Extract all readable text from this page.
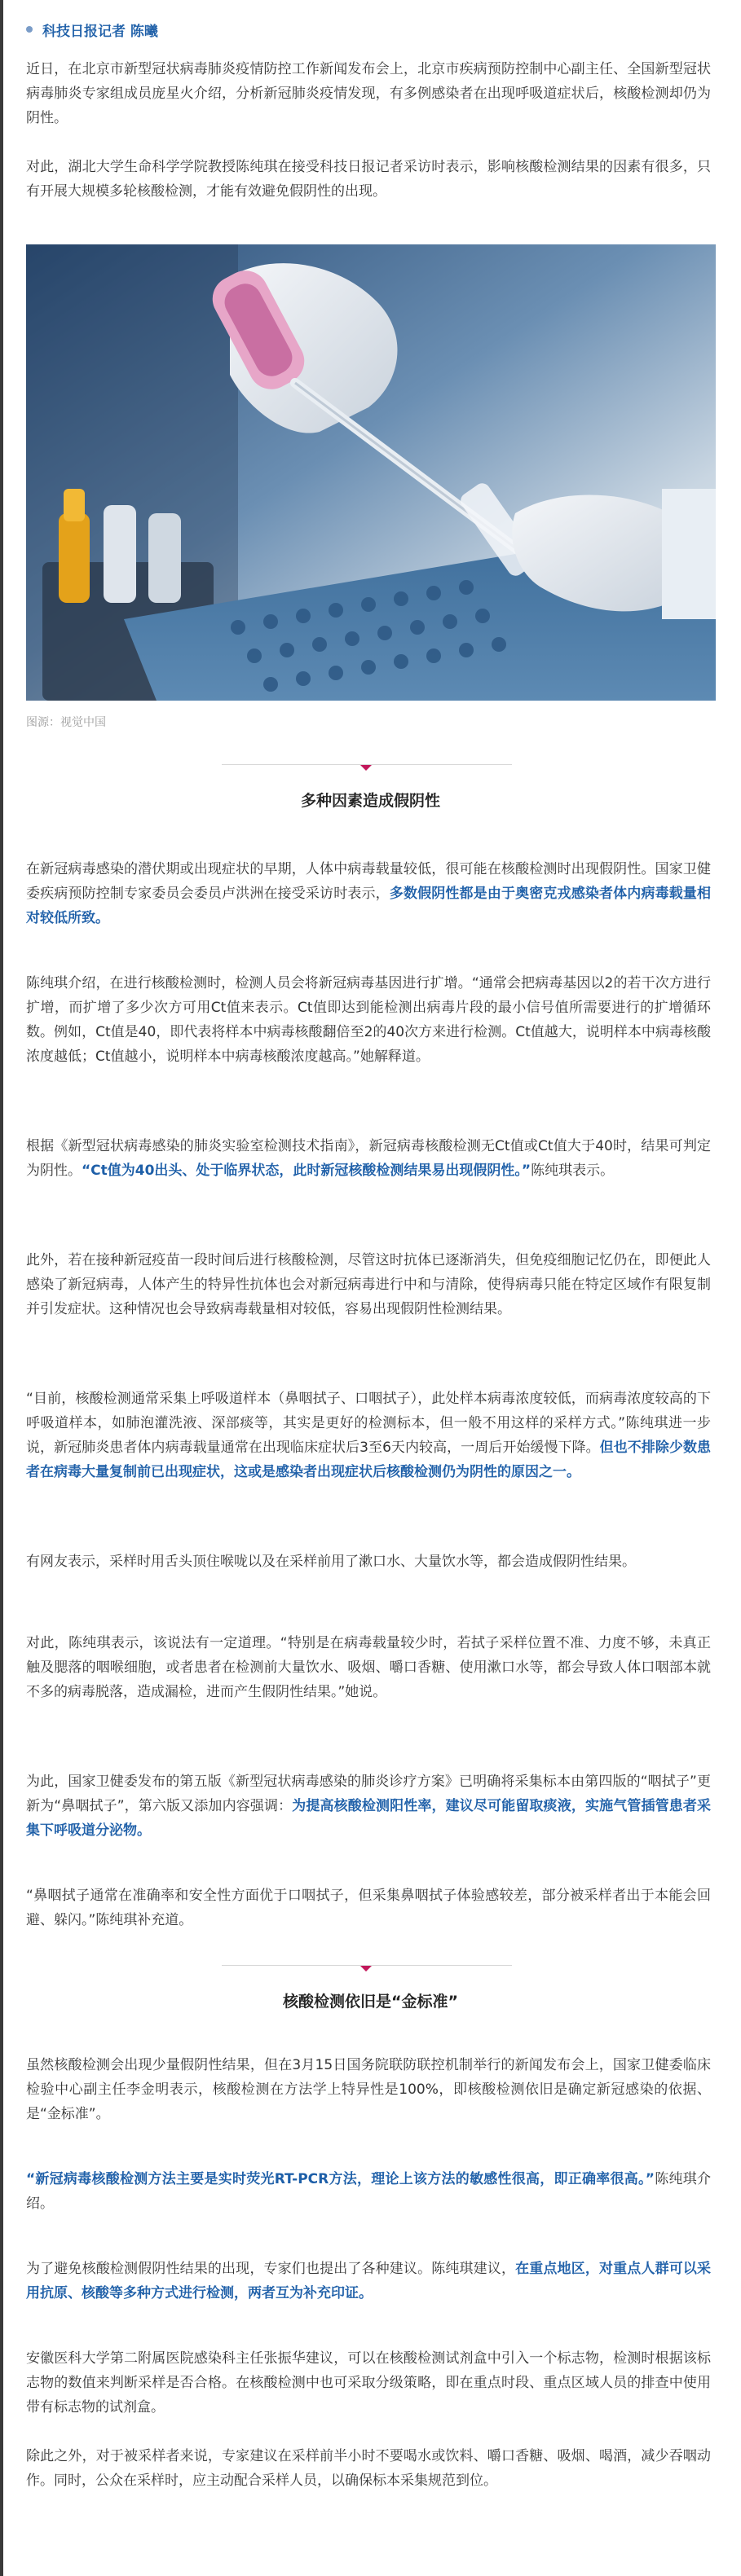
科技日报记者 陈曦

近日，在北京市新型冠状病毒肺炎疫情防控工作新闻发布会上，北京市疾病预防控制中心副主任、全国新型冠状病毒肺炎专家组成员庞星火介绍，分析新冠肺炎疫情发现，有多例感染者在出现呼吸道症状后，核酸检测却仍为阴性。

对此，湖北大学生命科学学院教授陈纯琪在接受科技日报记者采访时表示，影响核酸检测结果的因素有很多，只有开展大规模多轮核酸检测，才能有效避免假阴性的出现。

图源：视觉中国
多种因素造成假阴性

在新冠病毒感染的潜伏期或出现症状的早期，人体中病毒载量较低，很可能在核酸检测时出现假阴性。国家卫健委疾病预防控制专家委员会委员卢洪洲在接受采访时表示，多数假阴性都是由于奥密克戎感染者体内病毒载量相对较低所致。

陈纯琪介绍，在进行核酸检测时，检测人员会将新冠病毒基因进行扩增。“通常会把病毒基因以2的若干次方进行扩增，而扩增了多少次方可用Ct值来表示。Ct值即达到能检测出病毒片段的最小信号值所需要进行的扩增循环数。例如，Ct值是40，即代表将样本中病毒核酸翻倍至2的40次方来进行检测。Ct值越大，说明样本中病毒核酸浓度越低；Ct值越小，说明样本中病毒核酸浓度越高。”她解释道。

根据《新型冠状病毒感染的肺炎实验室检测技术指南》，新冠病毒核酸检测无Ct值或Ct值大于40时，结果可判定为阴性。“Ct值为40出头、处于临界状态，此时新冠核酸检测结果易出现假阴性。”陈纯琪表示。

此外，若在接种新冠疫苗一段时间后进行核酸检测，尽管这时抗体已逐渐消失，但免疫细胞记忆仍在，即便此人感染了新冠病毒，人体产生的特异性抗体也会对新冠病毒进行中和与清除，使得病毒只能在特定区域作有限复制并引发症状。这种情况也会导致病毒载量相对较低，容易出现假阴性检测结果。

“目前，核酸检测通常采集上呼吸道样本（鼻咽拭子、口咽拭子），此处样本病毒浓度较低，而病毒浓度较高的下呼吸道样本，如肺泡灌洗液、深部痰等，其实是更好的检测标本，但一般不用这样的采样方式。”陈纯琪进一步说，新冠肺炎患者体内病毒载量通常在出现临床症状后3至6天内较高，一周后开始缓慢下降。但也不排除少数患者在病毒大量复制前已出现症状，这或是感染者出现症状后核酸检测仍为阴性的原因之一。

有网友表示，采样时用舌头顶住喉咙以及在采样前用了漱口水、大量饮水等，都会造成假阴性结果。

对此，陈纯琪表示，该说法有一定道理。“特别是在病毒载量较少时，若拭子采样位置不准、力度不够，未真正触及腮落的咽喉细胞，或者患者在检测前大量饮水、吸烟、嚼口香糖、使用漱口水等，都会导致人体口咽部本就不多的病毒脱落，造成漏检，进而产生假阴性结果。”她说。

为此，国家卫健委发布的第五版《新型冠状病毒感染的肺炎诊疗方案》已明确将采集标本由第四版的“咽拭子”更新为“鼻咽拭子”，第六版又添加内容强调：为提高核酸检测阳性率，建议尽可能留取痰液，实施气管插管患者采集下呼吸道分泌物。

“鼻咽拭子通常在准确率和安全性方面优于口咽拭子，但采集鼻咽拭子体验感较差，部分被采样者出于本能会回避、躲闪。”陈纯琪补充道。

核酸检测依旧是“金标准”

虽然核酸检测会出现少量假阴性结果，但在3月15日国务院联防联控机制举行的新闻发布会上，国家卫健委临床检验中心副主任李金明表示，核酸检测在方法学上特异性是100%，即核酸检测依旧是确定新冠感染的依据、是“金标准”。

“新冠病毒核酸检测方法主要是实时荧光RT-PCR方法，理论上该方法的敏感性很高，即正确率很高。”陈纯琪介绍。

为了避免核酸检测假阴性结果的出现，专家们也提出了各种建议。陈纯琪建议，在重点地区，对重点人群可以采用抗原、核酸等多种方式进行检测，两者互为补充印证。

安徽医科大学第二附属医院感染科主任张振华建议，可以在核酸检测试剂盒中引入一个标志物，检测时根据该标志物的数值来判断采样是否合格。在核酸检测中也可采取分级策略，即在重点时段、重点区域人员的排查中使用带有标志物的试剂盒。

除此之外，对于被采样者来说，专家建议在采样前半小时不要喝水或饮料、嚼口香糖、吸烟、喝酒，减少吞咽动作。同时，公众在采样时，应主动配合采样人员，以确保标本采集规范到位。
